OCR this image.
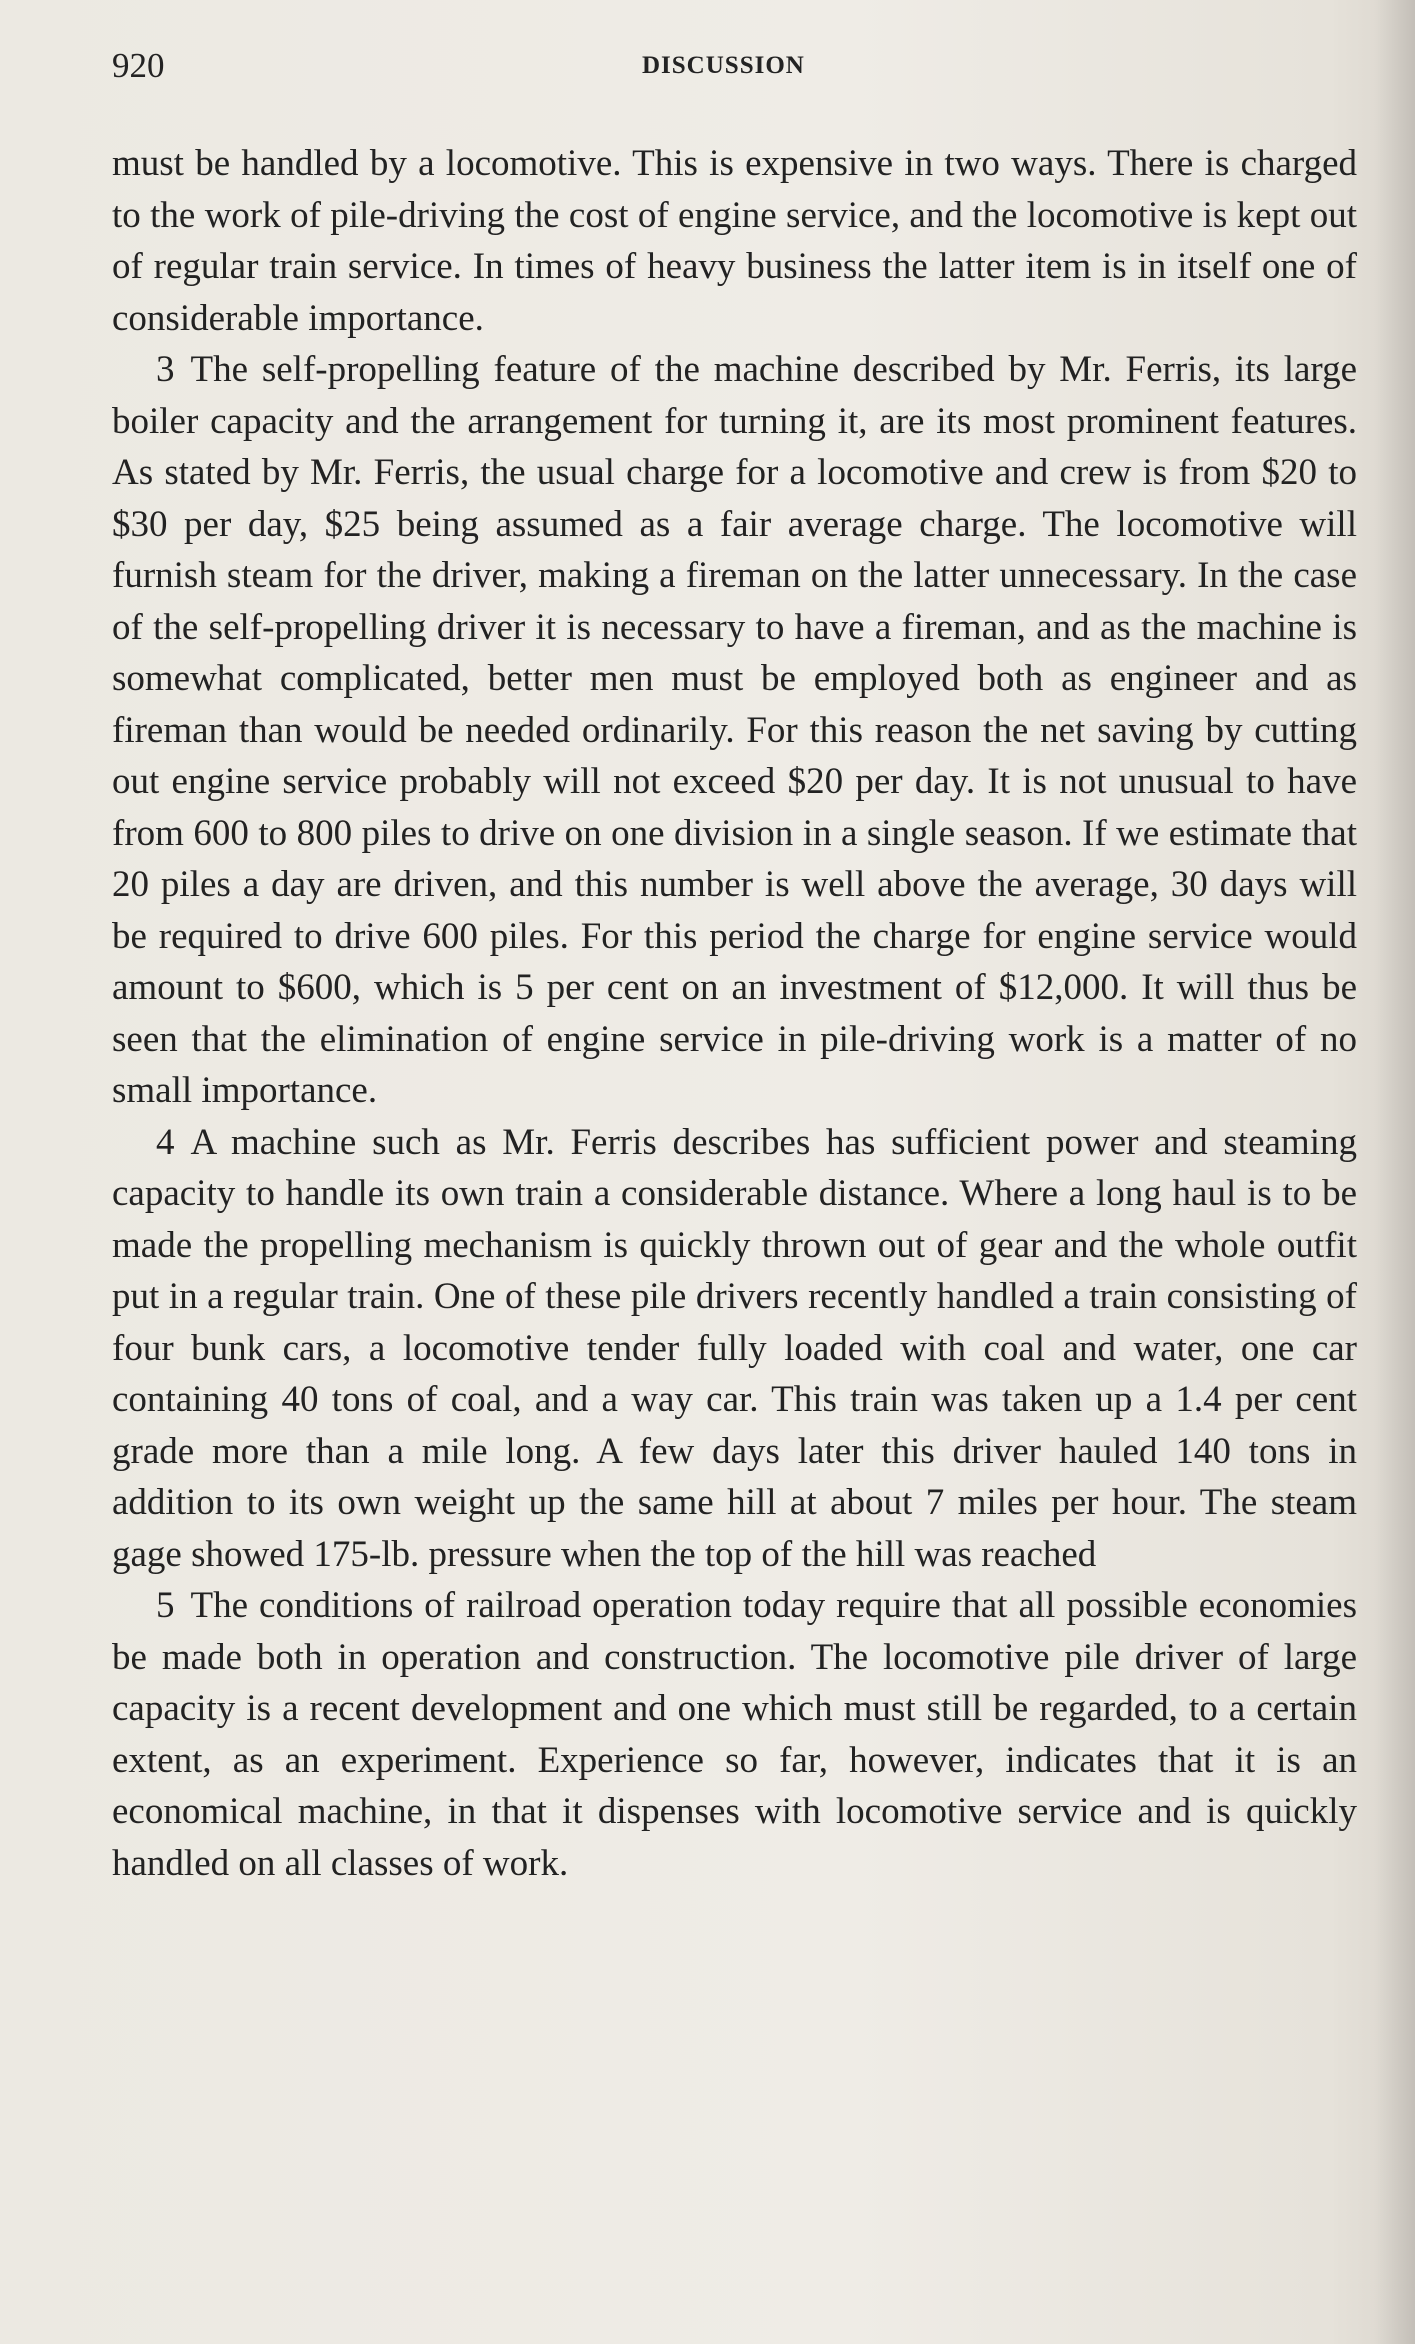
920	DISCUSSION

must be handled by a locomotive. This is expensive in two ways. There is charged to the work of pile-driving the cost of engine service, and the locomotive is kept out of regular train service. In times of heavy business the latter item is in itself one of considerable importance.

3 The self-propelling feature of the machine described by Mr. Ferris, its large boiler capacity and the arrangement for turning it, are its most prominent features. As stated by Mr. Ferris, the usual charge for a locomotive and crew is from $20 to $30 per day, $25 being assumed as a fair average charge. The locomotive will furnish steam for the driver, making a fireman on the latter unnecessary. In the case of the self-propelling driver it is necessary to have a fireman, and as the machine is somewhat complicated, better men must be employed both as engineer and as fireman than would be needed ordinarily. For this reason the net saving by cutting out engine service probably will not exceed $20 per day. It is not unusual to have from 600 to 800 piles to drive on one division in a single season. If we estimate that 20 piles a day are driven, and this number is well above the average, 30 days will be required to drive 600 piles. For this period the charge for engine service would amount to $600, which is 5 per cent on an investment of $12,000. It will thus be seen that the elimination of engine service in pile-driving work is a matter of no small importance.

4 A machine such as Mr. Ferris describes has sufficient power and steaming capacity to handle its own train a considerable distance. Where a long haul is to be made the propelling mechanism is quickly thrown out of gear and the whole outfit put in a regular train. One of these pile drivers recently handled a train consisting of four bunk cars, a locomotive tender fully loaded with coal and water, one car containing 40 tons of coal, and a way car. This train was taken up a 1.4 per cent grade more than a mile long. A few days later this driver hauled 140 tons in addition to its own weight up the same hill at about 7 miles per hour. The steam gage showed 175-lb. pressure when the top of the hill was reached

5 The conditions of railroad operation today require that all possible economies be made both in operation and construction. The locomotive pile driver of large capacity is a recent development and one which must still be regarded, to a certain extent, as an experiment. Experience so far, however, indicates that it is an economical machine, in that it dispenses with locomotive service and is quickly handled on all classes of work.
